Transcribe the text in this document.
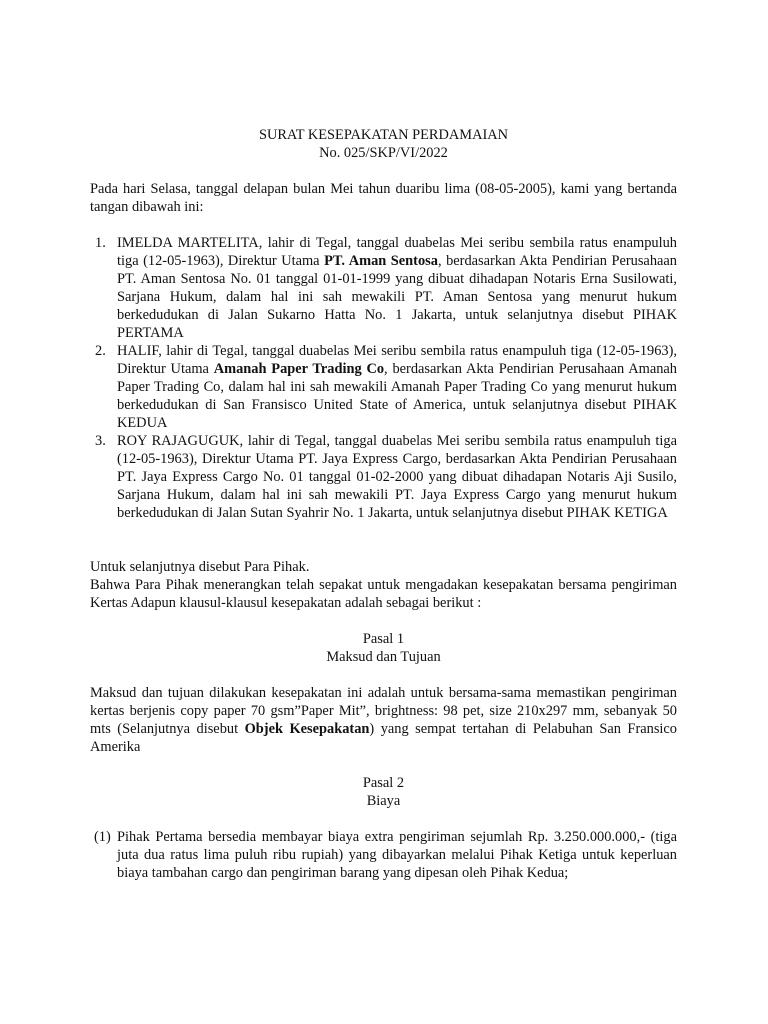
SURAT KESEPAKATAN PERDAMAIAN

No. 025/SKP/VI/2022

Pada hari Selasa, tanggal delapan bulan Mei tahun duaribu lima (08-05-2005), kami yang bertanda tangan dibawah ini:

1. IMELDA MARTELITA, lahir di Tegal, tanggal duabelas Mei seribu sembila ratus enampuluh tiga (12-05-1963), Direktur Utama PT. Aman Sentosa, berdasarkan Akta Pendirian Perusahaan PT. Aman Sentosa No. 01 tanggal 01-01-1999 yang dibuat dihadapan Notaris Erna Susilowati, Sarjana Hukum, dalam hal ini sah mewakili PT. Aman Sentosa yang menurut hukum berkedudukan di Jalan Sukarno Hatta No. 1 Jakarta, untuk selanjutnya disebut PIHAK PERTAMA
2. HALIF, lahir di Tegal, tanggal duabelas Mei seribu sembila ratus enampuluh tiga (12-05-1963), Direktur Utama Amanah Paper Trading Co, berdasarkan Akta Pendirian Perusahaan Amanah Paper Trading Co, dalam hal ini sah mewakili Amanah Paper Trading Co yang menurut hukum berkedudukan di San Fransisco United State of America, untuk selanjutnya disebut PIHAK KEDUA
3. ROY RAJAGUGUK, lahir di Tegal, tanggal duabelas Mei seribu sembila ratus enampuluh tiga (12-05-1963), Direktur Utama PT. Jaya Express Cargo, berdasarkan Akta Pendirian Perusahaan PT. Jaya Express Cargo No. 01 tanggal 01-02-2000 yang dibuat dihadapan Notaris Aji Susilo, Sarjana Hukum, dalam hal ini sah mewakili PT. Jaya Express Cargo yang menurut hukum berkedudukan di Jalan Sutan Syahrir No. 1 Jakarta, untuk selanjutnya disebut PIHAK KETIGA

Untuk selanjutnya disebut Para Pihak.

Bahwa Para Pihak menerangkan telah sepakat untuk mengadakan kesepakatan bersama pengiriman Kertas Adapun klausul-klausul kesepakatan adalah sebagai berikut :

Pasal 1

Maksud dan Tujuan

Maksud dan tujuan dilakukan kesepakatan ini adalah untuk bersama-sama memastikan pengiriman kertas berjenis copy paper 70 gsm”Paper Mit”, brightness: 98 pet, size 210x297 mm, sebanyak 50 mts (Selanjutnya disebut Objek Kesepakatan) yang sempat tertahan di Pelabuhan San Fransico Amerika

Pasal 2

Biaya

(1) Pihak Pertama bersedia membayar biaya extra pengiriman sejumlah Rp. 3.250.000.000,- (tiga juta dua ratus lima puluh ribu rupiah) yang dibayarkan melalui Pihak Ketiga untuk keperluan biaya tambahan cargo dan pengiriman barang yang dipesan oleh Pihak Kedua;
